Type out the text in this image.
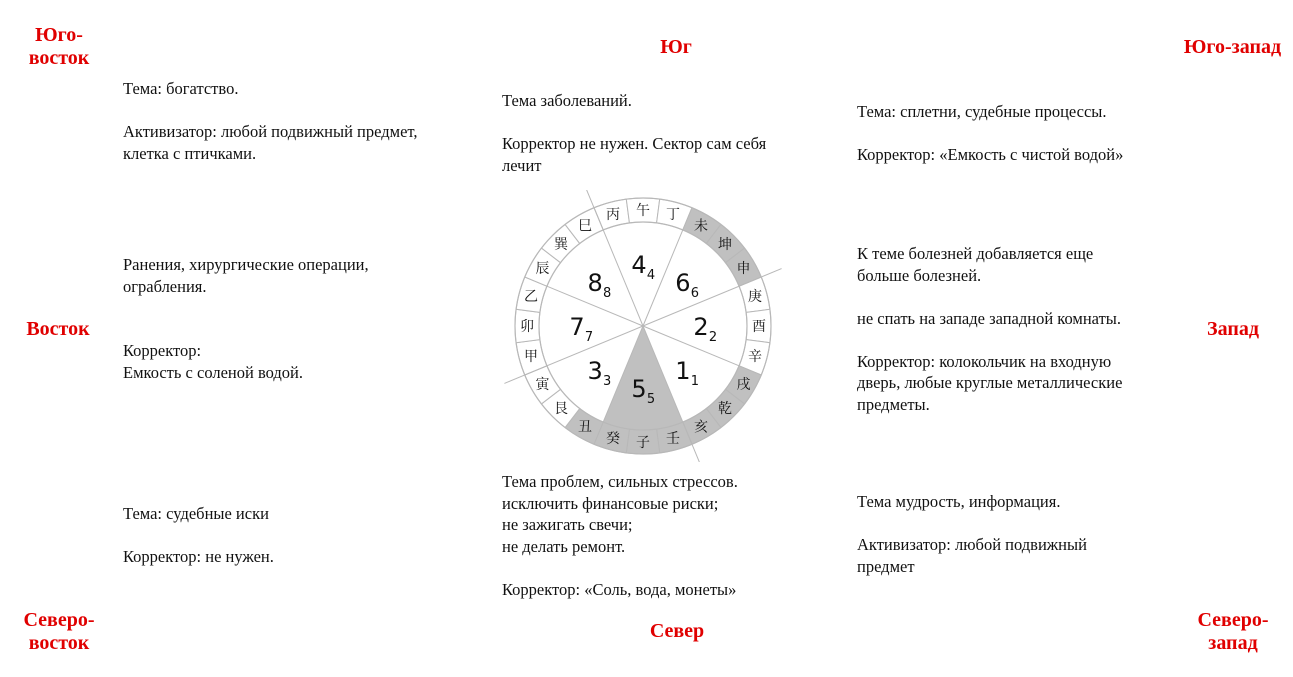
Юго-
восток	Юг	Юго-запад
Восток	Запад
Северо-
восток
Север	Северо-
запад
Тема: богатство.

Активизатор: любой подвижный предмет,
клетка с птичками.
Тема заболеваний.

Корректор не нужен. Сектор сам себя
лечит
Тема: сплетни, судебные процессы.

Корректор: «Емкость с чистой водой»
Ранения, хирургические операции,
ограбления.

Корректор:
Емкость с соленой водой.
К теме болезней добавляется еще
больше болезней.

не спать на западе западной комнаты.

Корректор: колокольчик на входную
дверь, любые круглые металлические
предметы.
Тема: судебные иски

Корректор: не нужен.
Тема проблем, сильных стрессов.
исключить финансовые риски;
не зажигать свечи;
не делать ремонт.

Корректор: «Соль, вода, монеты»
Тема мудрость, информация.

Активизатор: любой подвижный
предмет
丙 午 丁
未
坤
申
庚
酉
辛
戌
乾
亥
壬
子
癸
丑
艮
寅
甲
卯
乙
辰
巽
巳
4 4 6 6
2 2
1 1
5 5
3 3
7 7
8 8
